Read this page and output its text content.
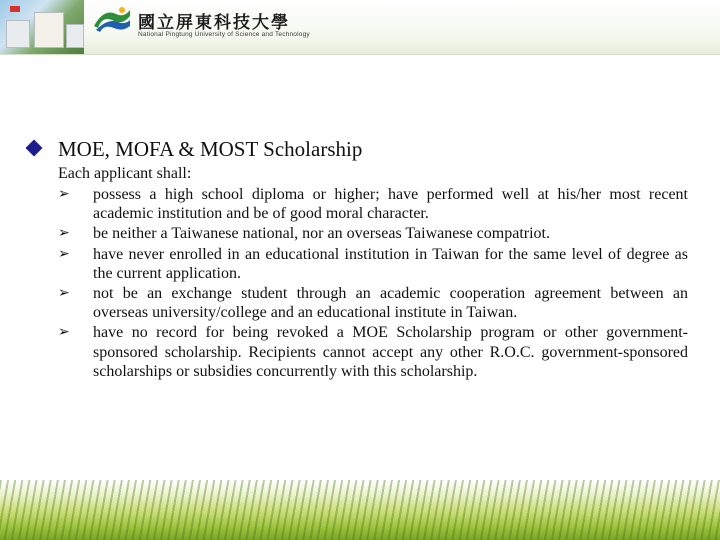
國立屏東科技大學
National Pingtung University of Science and Technology
MOE, MOFA & MOST Scholarship
Each applicant shall:
➢ possess a high school diploma or higher; have performed well at his/her most recent academic institution and be of good moral character.
➢ be neither a Taiwanese national, nor an overseas Taiwanese compatriot.
➢ have never enrolled in an educational institution in Taiwan for the same level of degree as the current application.
➢ not be an exchange student through an academic cooperation agreement between an overseas university/college and an educational institute in Taiwan.
➢ have no record for being revoked a MOE Scholarship program or other government-sponsored scholarship. Recipients cannot accept any other R.O.C. government-sponsored scholarships or subsidies concurrently with this scholarship.
